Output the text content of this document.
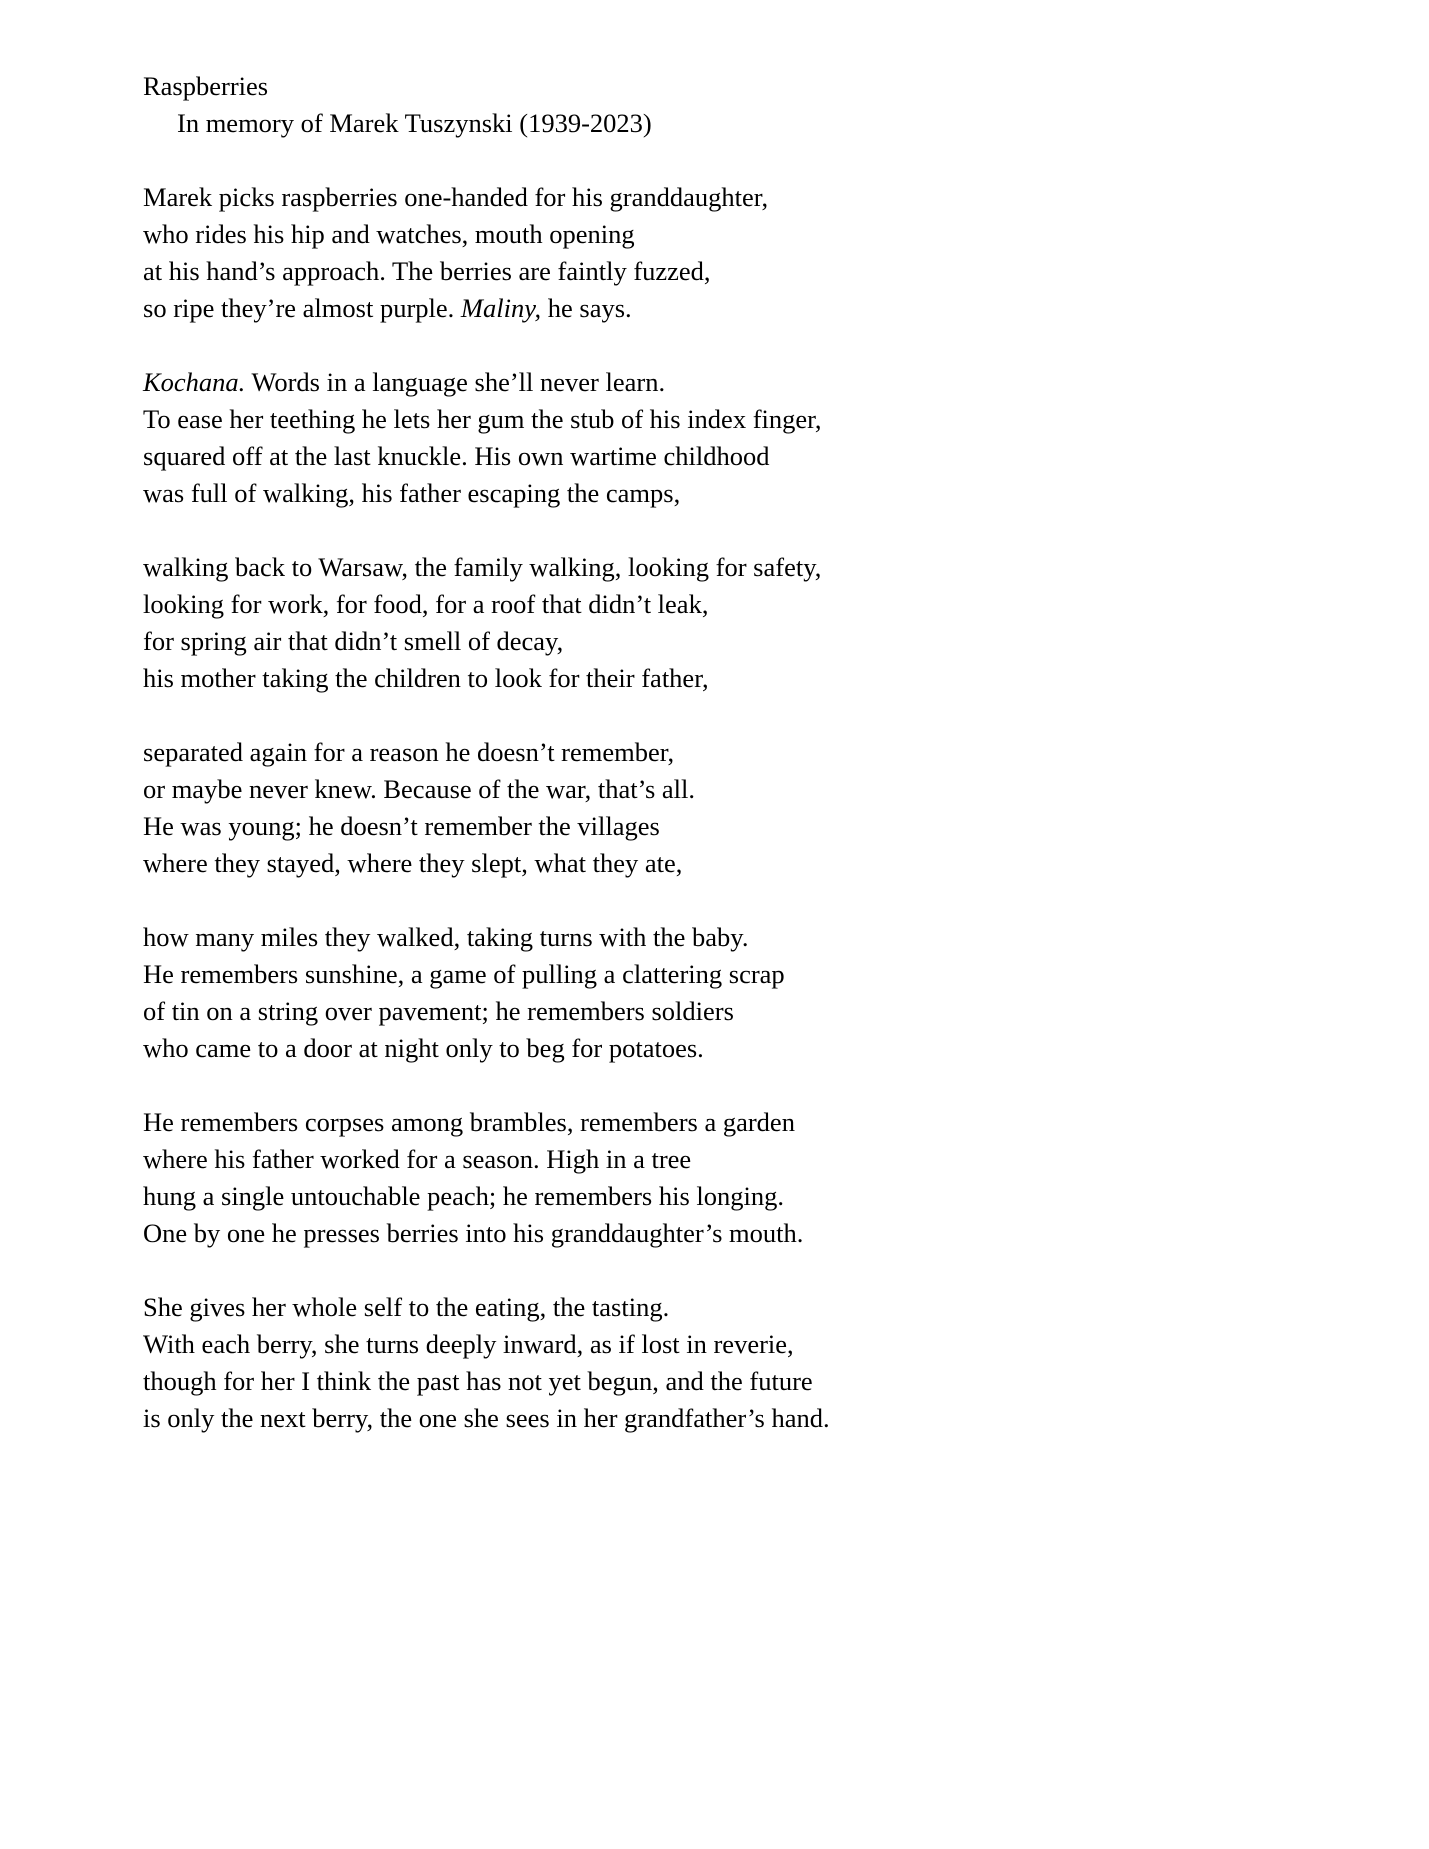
Raspberries
In memory of Marek Tuszynski (1939-2023)
Marek picks raspberries one-handed for his granddaughter,
who rides his hip and watches, mouth opening
at his hand’s approach. The berries are faintly fuzzed,
so ripe they’re almost purple. Maliny, he says.
Kochana. Words in a language she’ll never learn.
To ease her teething he lets her gum the stub of his index finger,
squared off at the last knuckle. His own wartime childhood
was full of walking, his father escaping the camps,
walking back to Warsaw, the family walking, looking for safety,
looking for work, for food, for a roof that didn’t leak,
for spring air that didn’t smell of decay,
his mother taking the children to look for their father,
separated again for a reason he doesn’t remember,
or maybe never knew. Because of the war, that’s all.
He was young; he doesn’t remember the villages
where they stayed, where they slept, what they ate,
how many miles they walked, taking turns with the baby.
He remembers sunshine, a game of pulling a clattering scrap
of tin on a string over pavement; he remembers soldiers
who came to a door at night only to beg for potatoes.
He remembers corpses among brambles, remembers a garden
where his father worked for a season. High in a tree
hung a single untouchable peach; he remembers his longing.
One by one he presses berries into his granddaughter’s mouth.
She gives her whole self to the eating, the tasting.
With each berry, she turns deeply inward, as if lost in reverie,
though for her I think the past has not yet begun, and the future
is only the next berry, the one she sees in her grandfather’s hand.
